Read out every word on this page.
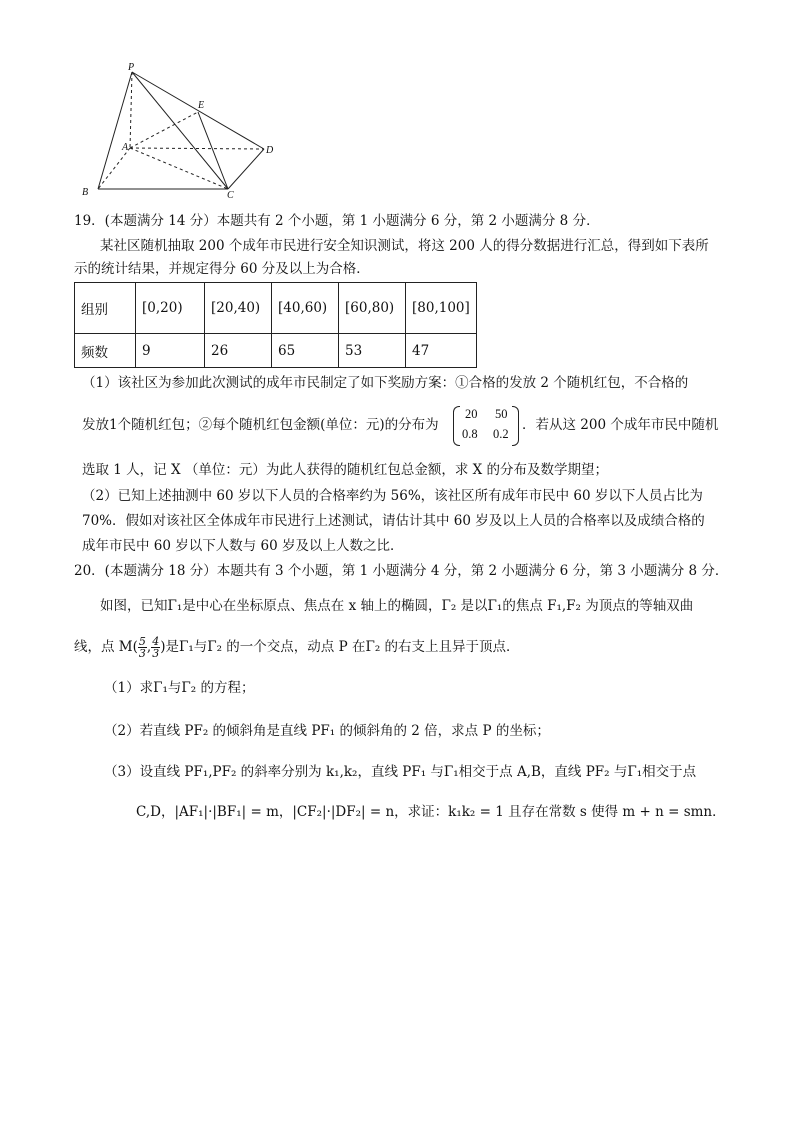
P
E
A	D
B	C
19．(本题满分 14 分）本题共有 2 个小题，第 1 小题满分 6 分，第 2 小题满分 8 分．
某社区随机抽取 200 个成年市民进行安全知识测试，将这 200 人的得分数据进行汇总，得到如下表所
示的统计结果，并规定得分 60 分及以上为合格．
组别	[0,20)	[20,40)	[40,60)	[60,80)	[80,100]
频数	9	26	65	53	47
（1）该社区为参加此次测试的成年市民制定了如下奖励方案：①合格的发放 2 个随机红包，不合格的
发放1个随机红包；②每个随机红包金额(单位：元)的分布为
20 50
0.8 0.2
．若从这 200 个成年市民中随机
选取 1 人，记 X （单位：元）为此人获得的随机红包总金额，求 X 的分布及数学期望；
（2）已知上述抽测中 60 岁以下人员的合格率约为 56%，该社区所有成年市民中 60 岁以下人员占比为
70%．假如对该社区全体成年市民进行上述测试，请估计其中 60 岁及以上人员的合格率以及成绩合格的
成年市民中 60 岁以下人数与 60 岁及以上人数之比．
20．(本题满分 18 分）本题共有 3 个小题，第 1 小题满分 4 分，第 2 小题满分 6 分，第 3 小题满分 8 分．
如图，已知Γ₁是中心在坐标原点、焦点在 x 轴上的椭圆，Γ₂ 是以Γ₁的焦点 F₁,F₂ 为顶点的等轴双曲
线，点 $M( \frac{5}{3}$ , $\frac{4}{3}$ )是Γ₁与Γ₂ 的一个交点，动点 P 在Γ₂ 的右支上且异于顶点．
（1）求Γ₁与Γ₂ 的方程；
（2）若直线 PF₂ 的倾斜角是直线 PF₁ 的倾斜角的 2 倍，求点 P 的坐标；
（3）设直线 PF₁,PF₂ 的斜率分别为 k₁,k₂，直线 PF₁ 与Γ₁相交于点 A,B，直线 PF₂ 与Γ₁相交于点
C,D，|AF₁|·|BF₁| = m，|CF₂|·|DF₂| = n，求证：k₁k₂ = 1 且存在常数 s 使得 m + n = smn．
